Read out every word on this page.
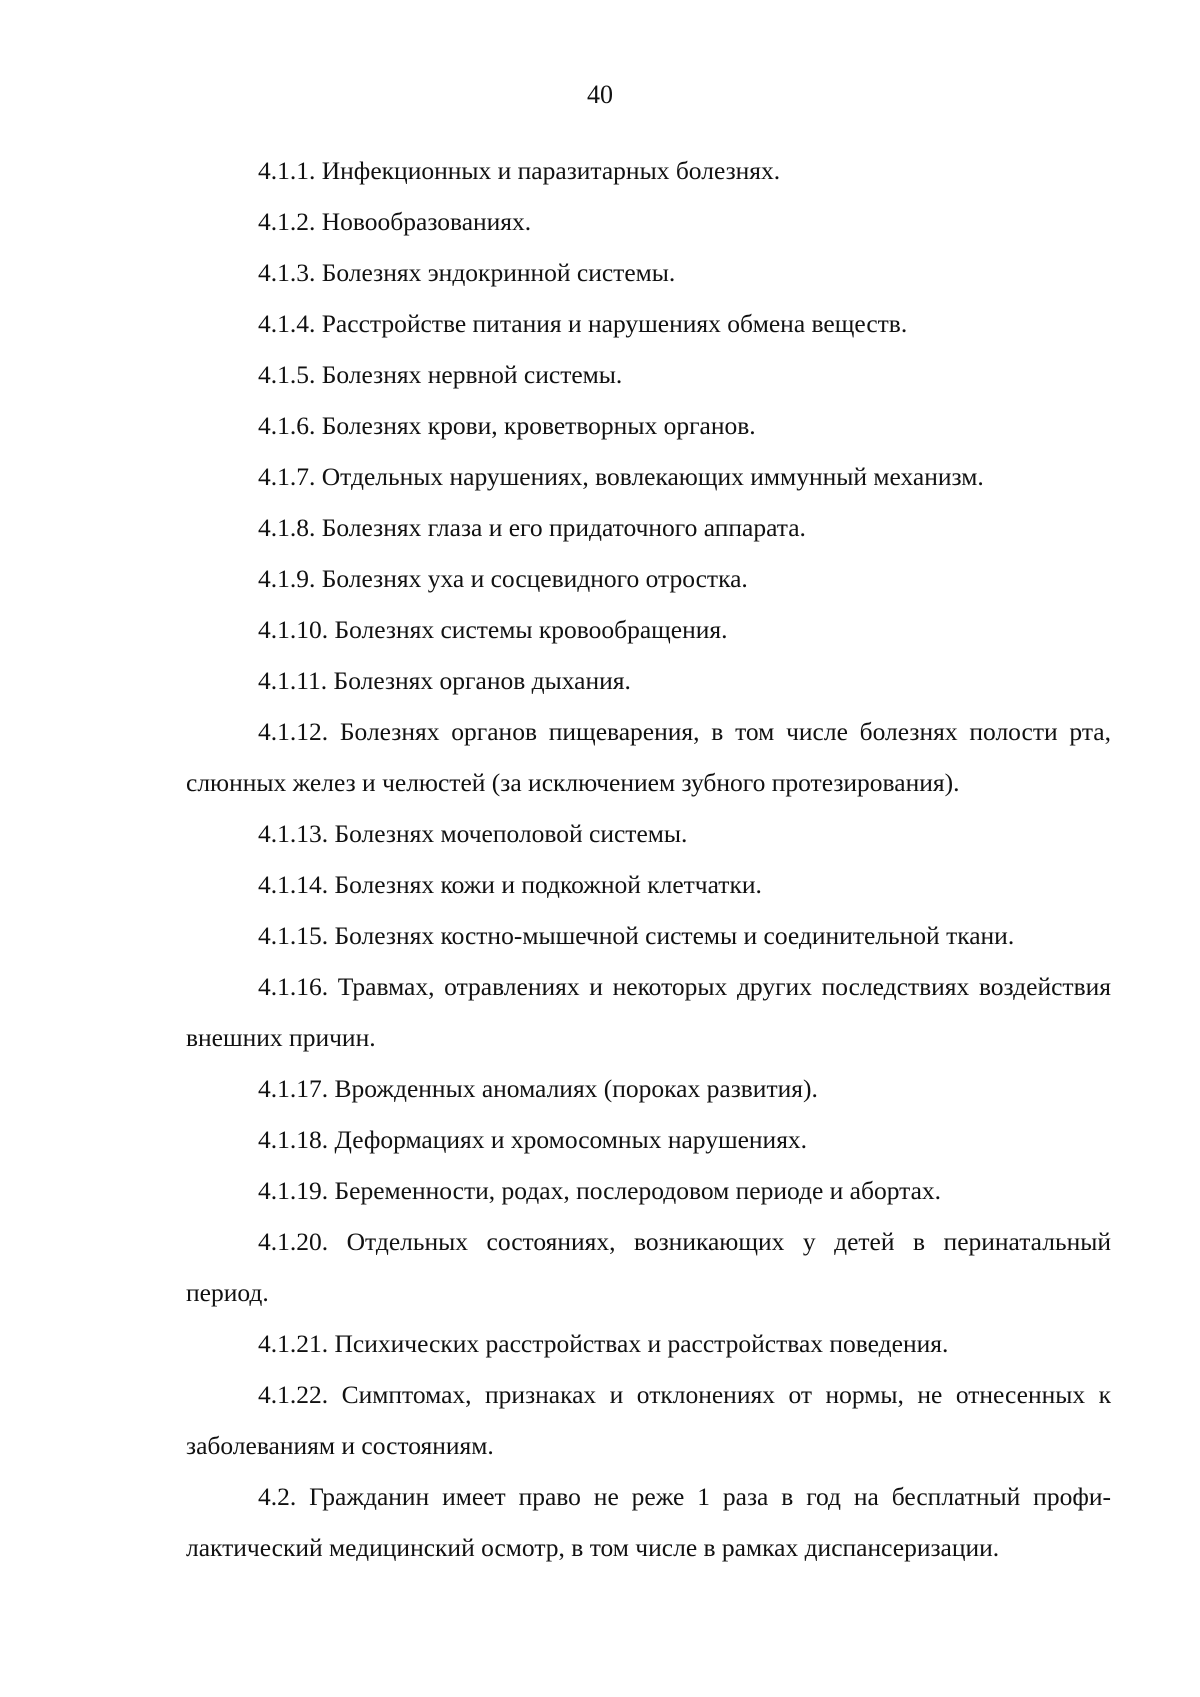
40

4.1.1. Инфекционных и паразитарных болезнях.

4.1.2. Новообразованиях.

4.1.3. Болезнях эндокринной системы.

4.1.4. Расстройстве питания и нарушениях обмена веществ.

4.1.5. Болезнях нервной системы.

4.1.6. Болезнях крови, кроветворных органов.

4.1.7. Отдельных нарушениях, вовлекающих иммунный механизм.

4.1.8. Болезнях глаза и его придаточного аппарата.

4.1.9. Болезнях уха и сосцевидного отростка.

4.1.10. Болезнях системы кровообращения.

4.1.11. Болезнях органов дыхания.

4.1.12. Болезнях органов пищеварения, в том числе болезнях полости рта, слюнных желез и челюстей (за исключением зубного протезирования).

4.1.13. Болезнях мочеполовой системы.

4.1.14. Болезнях кожи и подкожной клетчатки.

4.1.15. Болезнях костно-мышечной системы и соединительной ткани.

4.1.16. Травмах, отравлениях и некоторых других последствиях воздействия внешних причин.

4.1.17. Врожденных аномалиях (пороках развития).

4.1.18. Деформациях и хромосомных нарушениях.

4.1.19. Беременности, родах, послеродовом периоде и абортах.

4.1.20. Отдельных состояниях, возникающих у детей в перинатальный период.

4.1.21. Психических расстройствах и расстройствах поведения.

4.1.22. Симптомах, признаках и отклонениях от нормы, не отнесенных к заболеваниям и состояниям.

4.2. Гражданин имеет право не реже 1 раза в год на бесплатный профилактический медицинский осмотр, в том числе в рамках диспансеризации.
